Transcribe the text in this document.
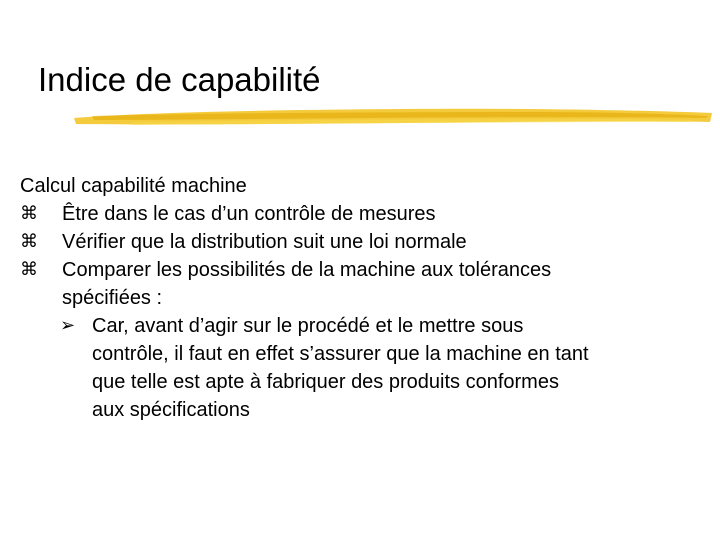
Indice de capabilité
Calcul capabilité machine
⌘	Être dans le cas d’un contrôle de mesures
⌘	Vérifier que la distribution suit une loi normale
⌘	Comparer les possibilités de la machine aux tolérances
spécifiées :
➢ Car, avant d’agir sur le procédé et le mettre sous
contrôle, il faut en effet s’assurer que la machine en tant
que telle est apte à fabriquer des produits conformes
aux spécifications
